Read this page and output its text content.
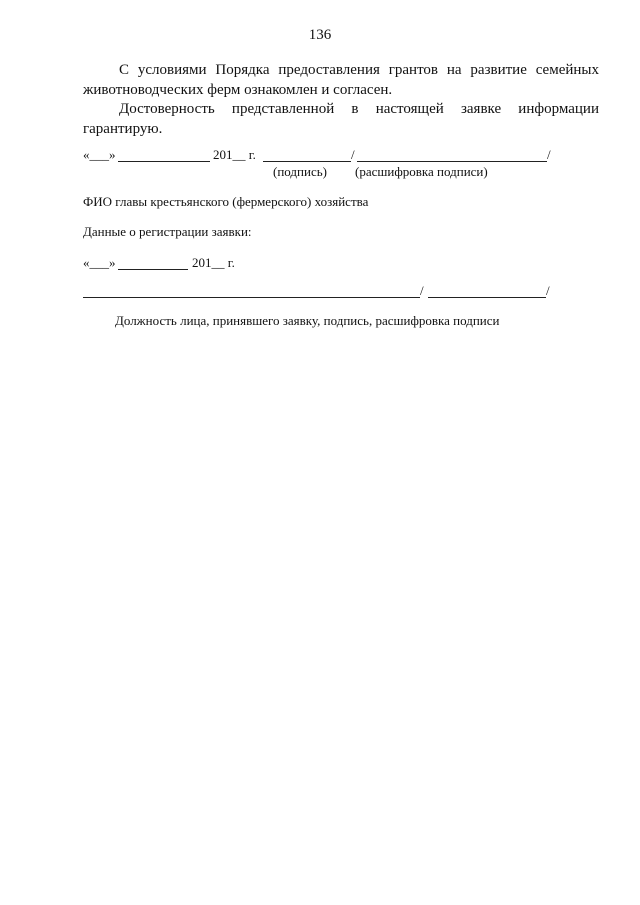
136

С условиями Порядка предоставления грантов на развитие семейных животноводческих ферм ознакомлен и согласен.

Достоверность представленной в настоящей заявке информации гарантирую.

«___»	201__ г.	/	/
(подпись) (расшифровка подписи)
ФИО главы крестьянского (фермерского) хозяйства
Данные о регистрации заявки:
«___»	201__ г.
/	/
Должность лица, принявшего заявку, подпись, расшифровка подписи
